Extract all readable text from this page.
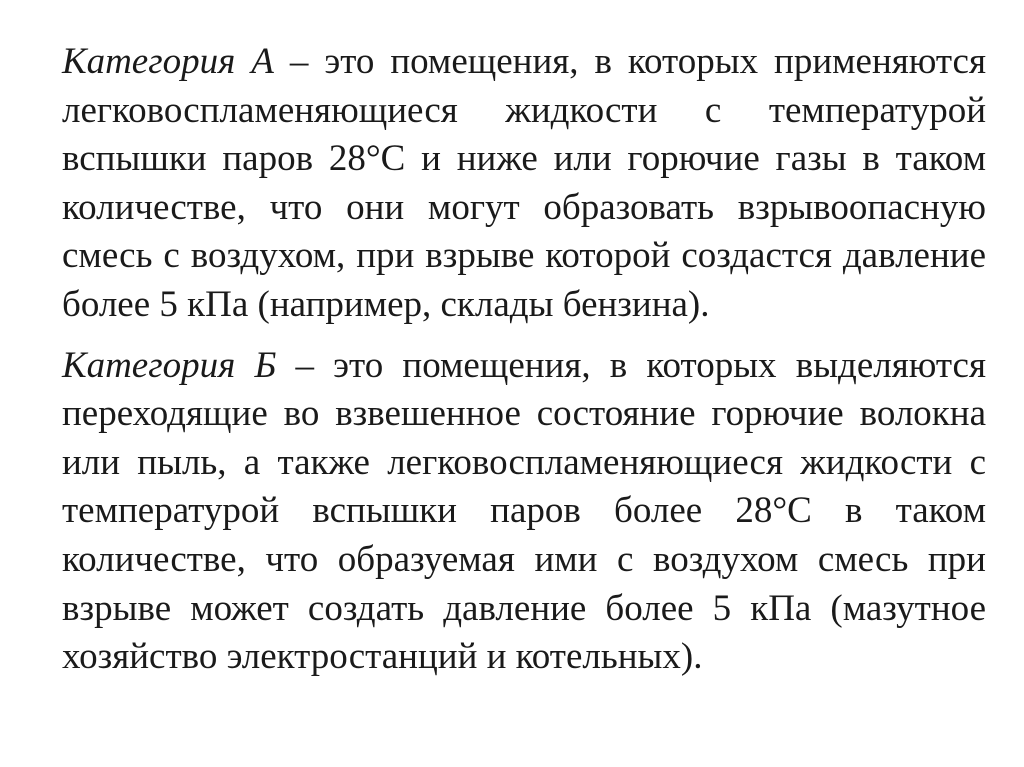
Категория А – это помещения, в которых применяются легковоспламеняющиеся жидкости с температурой вспышки паров 28°С и ниже или горючие газы в таком количестве, что они могут образовать взрывоопасную смесь с воздухом, при взрыве которой создастся давление более 5 кПа (например, склады бензина).

Категория Б – это помещения, в которых выделяются переходящие во взвешенное состояние горючие волокна или пыль, а также легковоспламеняющиеся жидкости с температурой вспышки паров более 28°С в таком количестве, что образуемая ими с воздухом смесь при взрыве может создать давление более 5 кПа (мазутное хозяйство электростанций и котельных).
